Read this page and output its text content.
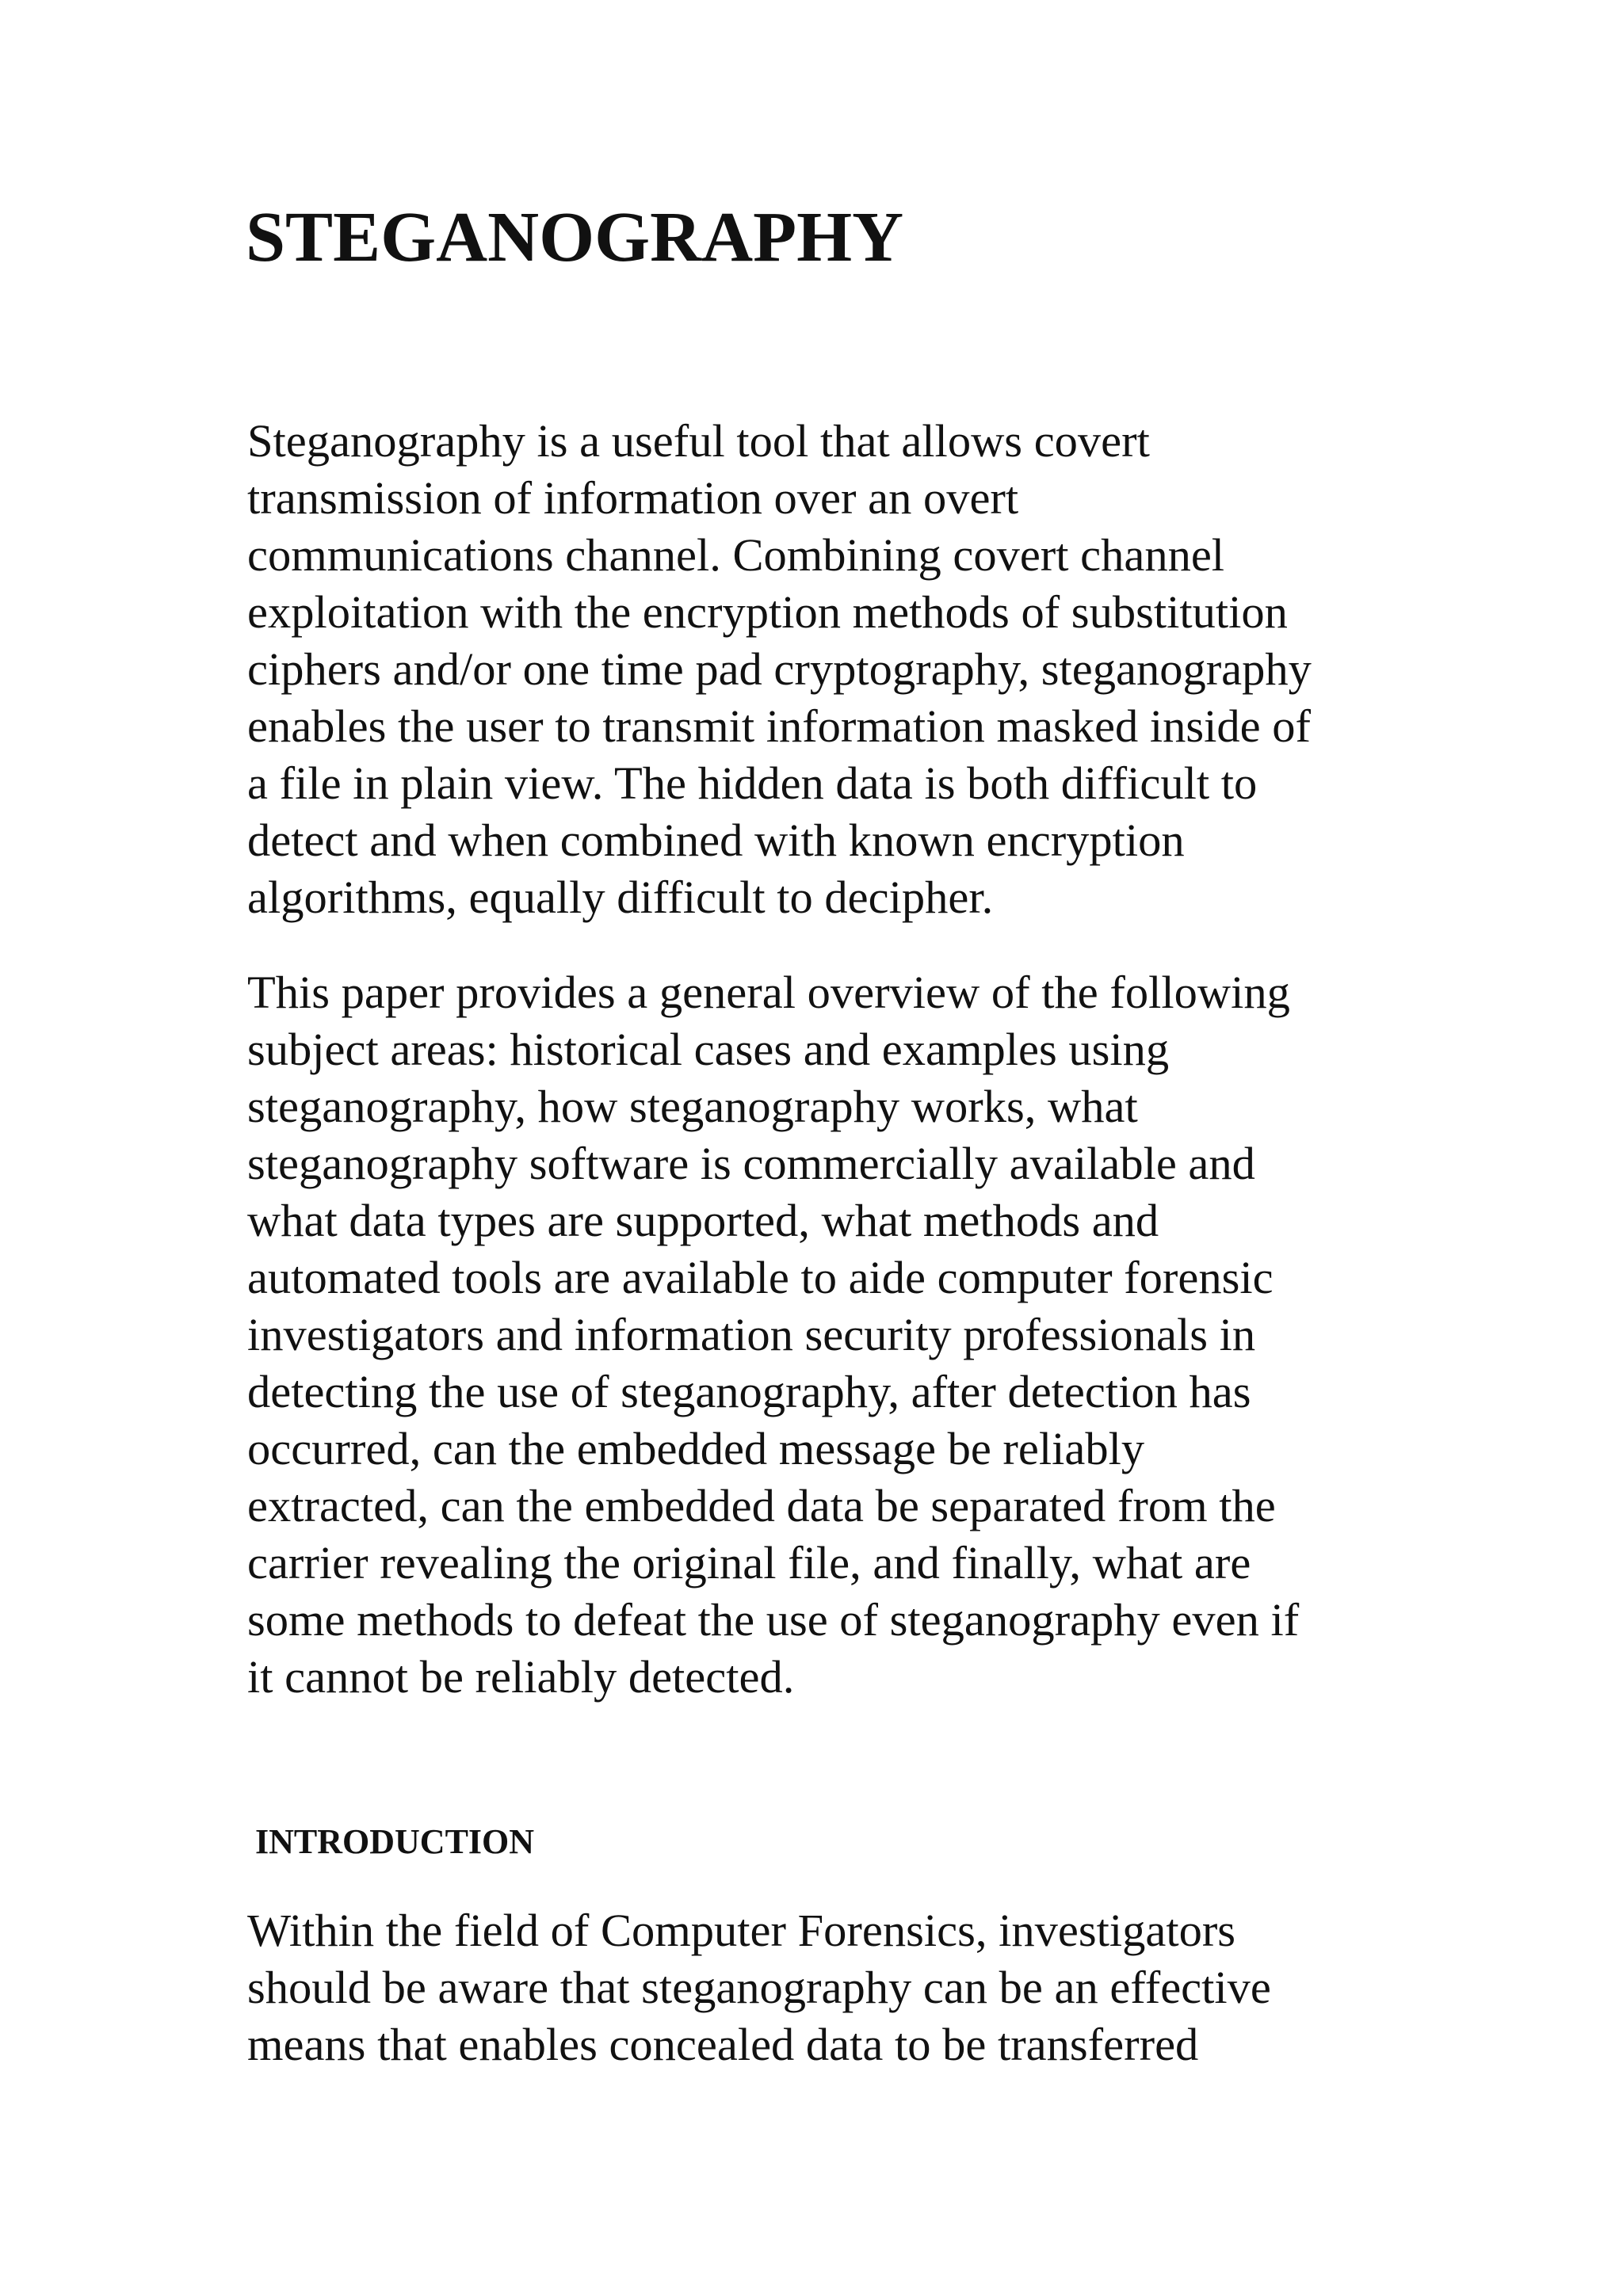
STEGANOGRAPHY

Steganography is a useful tool that allows covert
transmission of information over an overt
communications channel. Combining covert channel
exploitation with the encryption methods of substitution
ciphers and/or one time pad cryptography, steganography
enables the user to transmit information masked inside of
a file in plain view. The hidden data is both difficult to
detect and when combined with known encryption
algorithms, equally difficult to decipher.

This paper provides a general overview of the following
subject areas: historical cases and examples using
steganography, how steganography works, what
steganography software is commercially available and
what data types are supported, what methods and
automated tools are available to aide computer forensic
investigators and information security professionals in
detecting the use of steganography, after detection has
occurred, can the embedded message be reliably
extracted, can the embedded data be separated from the
carrier revealing the original file, and finally, what are
some methods to defeat the use of steganography even if
it cannot be reliably detected.

INTRODUCTION

Within the field of Computer Forensics, investigators
should be aware that steganography can be an effective
means that enables concealed data to be transferred
